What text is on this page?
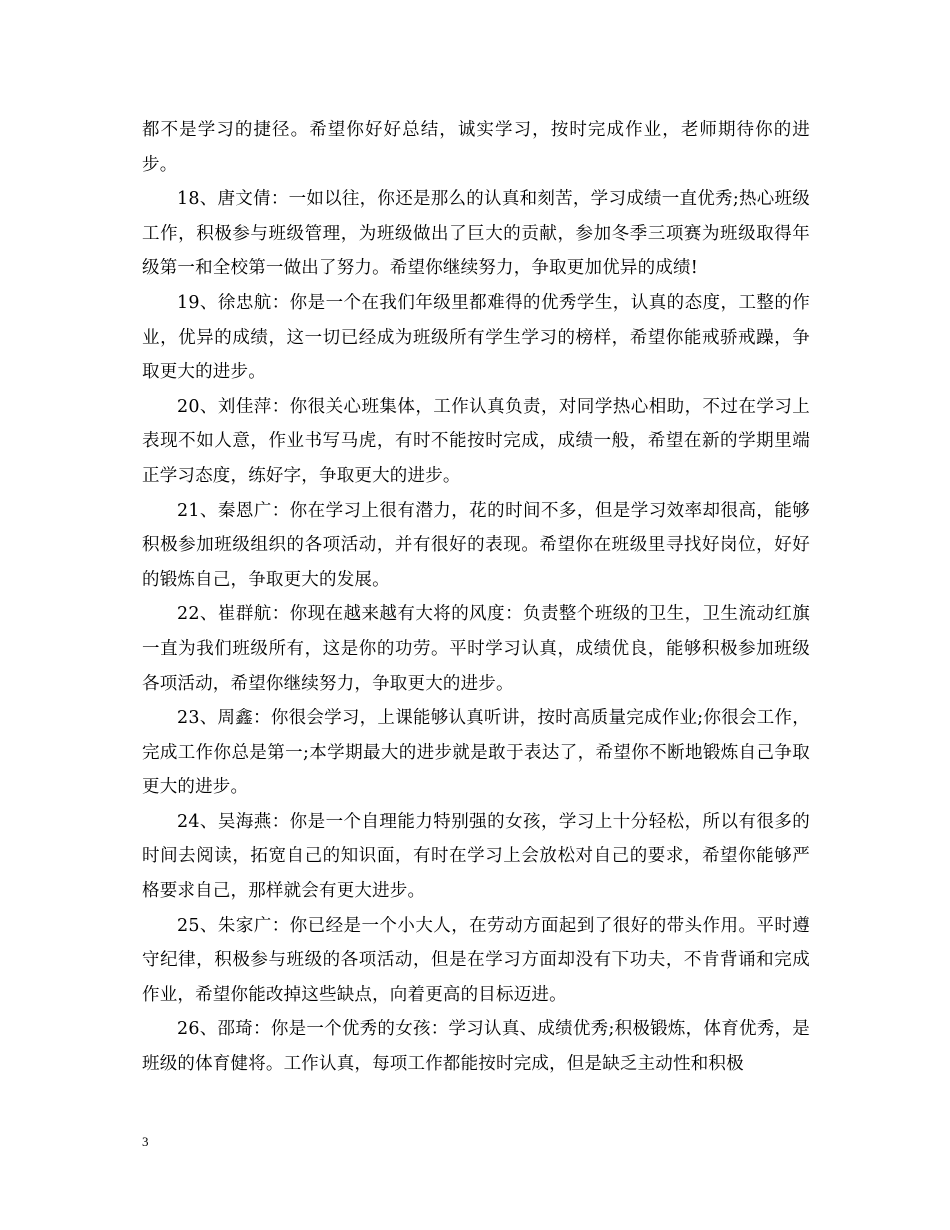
都不是学习的捷径。希望你好好总结，诚实学习，按时完成作业，老师期待你的进步。

18、唐文倩：一如以往，你还是那么的认真和刻苦，学习成绩一直优秀;热心班级工作，积极参与班级管理，为班级做出了巨大的贡献，参加冬季三项赛为班级取得年级第一和全校第一做出了努力。希望你继续努力，争取更加优异的成绩!

19、徐忠航：你是一个在我们年级里都难得的优秀学生，认真的态度，工整的作业，优异的成绩，这一切已经成为班级所有学生学习的榜样，希望你能戒骄戒躁，争取更大的进步。

20、刘佳萍：你很关心班集体，工作认真负责，对同学热心相助，不过在学习上表现不如人意，作业书写马虎，有时不能按时完成，成绩一般，希望在新的学期里端正学习态度，练好字，争取更大的进步。

21、秦恩广：你在学习上很有潜力，花的时间不多，但是学习效率却很高，能够积极参加班级组织的各项活动，并有很好的表现。希望你在班级里寻找好岗位，好好的锻炼自己，争取更大的发展。

22、崔群航：你现在越来越有大将的风度：负责整个班级的卫生，卫生流动红旗一直为我们班级所有，这是你的功劳。平时学习认真，成绩优良，能够积极参加班级各项活动，希望你继续努力，争取更大的进步。

23、周鑫：你很会学习，上课能够认真听讲，按时高质量完成作业;你很会工作，完成工作你总是第一;本学期最大的进步就是敢于表达了，希望你不断地锻炼自己争取更大的进步。

24、吴海燕：你是一个自理能力特别强的女孩，学习上十分轻松，所以有很多的时间去阅读，拓宽自己的知识面，有时在学习上会放松对自己的要求，希望你能够严格要求自己，那样就会有更大进步。

25、朱家广：你已经是一个小大人，在劳动方面起到了很好的带头作用。平时遵守纪律，积极参与班级的各项活动，但是在学习方面却没有下功夫，不肯背诵和完成作业，希望你能改掉这些缺点，向着更高的目标迈进。

26、邵琦：你是一个优秀的女孩：学习认真、成绩优秀;积极锻炼，体育优秀，是班级的体育健将。工作认真，每项工作都能按时完成，但是缺乏主动性和积极

3
